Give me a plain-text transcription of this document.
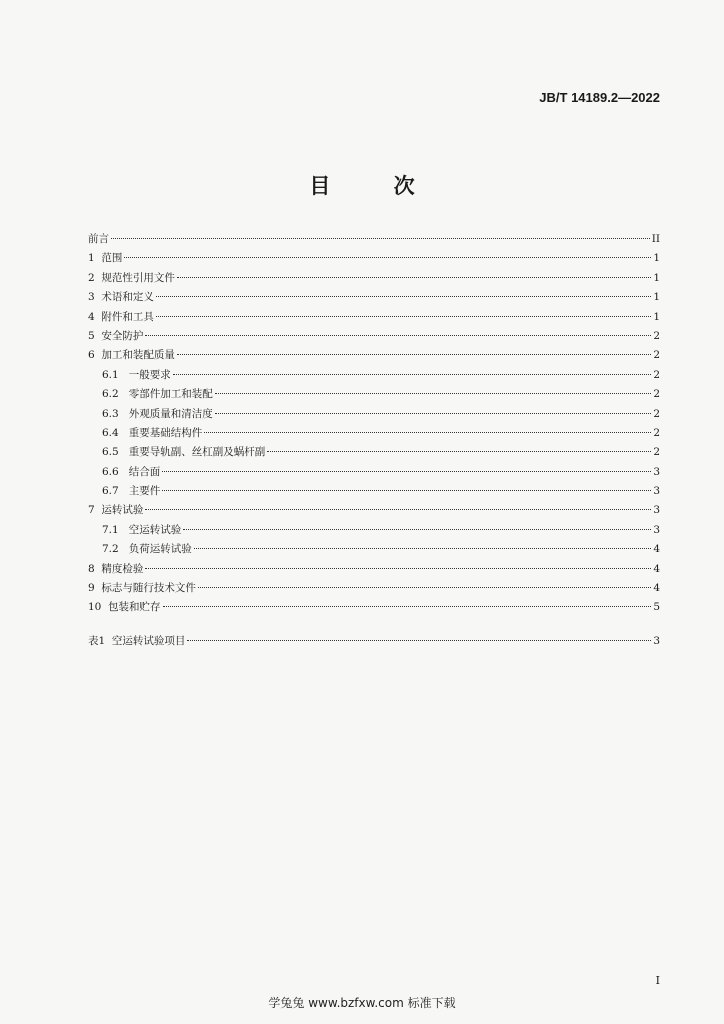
JB/T 14189.2—2022
目 次
前言	II
1 范围	1
2 规范性引用文件	1
3 术语和定义	1
4 附件和工具	1
5 安全防护	2
6 加工和装配质量	2
6.1 一般要求	2
6.2 零部件加工和装配	2
6.3 外观质量和清洁度	2
6.4 重要基础结构件	2
6.5 重要导轨副、丝杠副及蜗杆副	2
6.6 结合面	3
6.7 主要件	3
7 运转试验	3
7.1 空运转试验	3
7.2 负荷运转试验	4
8 精度检验	4
9 标志与随行技术文件	4
10 包装和贮存	5
表1 空运转试验项目	3
I
学兔兔 www.bzfxw.com 标准下载
